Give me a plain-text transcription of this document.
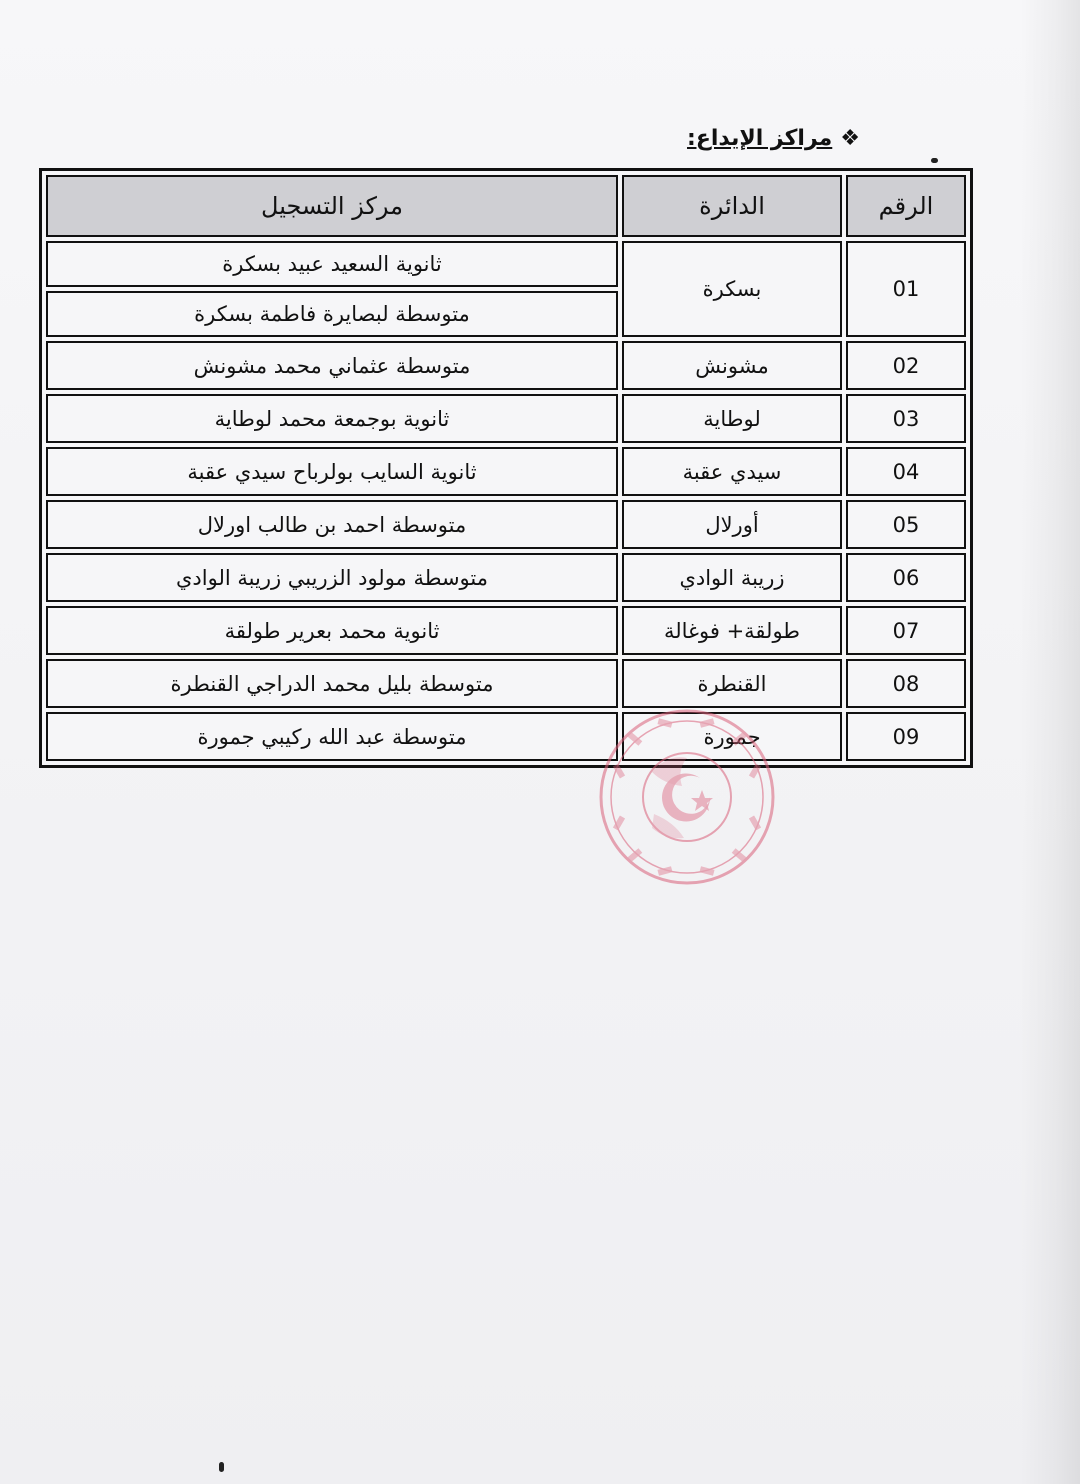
❖
مراكز الإيداع:
الرقم	الدائرة	مركز التسجيل
01	بسكرة	ثانوية السعيد عبيد بسكرة
		متوسطة لبصايرة فاطمة بسكرة
02	مشونش	متوسطة عثماني محمد مشونش
03	لوطاية	ثانوية بوجمعة محمد لوطاية
04	سيدي عقبة	ثانوية السايب بولرباح سيدي عقبة
05	أورلال	متوسطة احمد بن طالب اورلال
06	زريبة الوادي	متوسطة مولود الزريبي زريبة الوادي
07	طولقة+ فوغالة	ثانوية محمد بعرير طولقة
08	القنطرة	متوسطة بليل محمد الدراجي القنطرة
09	جمورة	متوسطة عبد الله ركيبي جمورة
